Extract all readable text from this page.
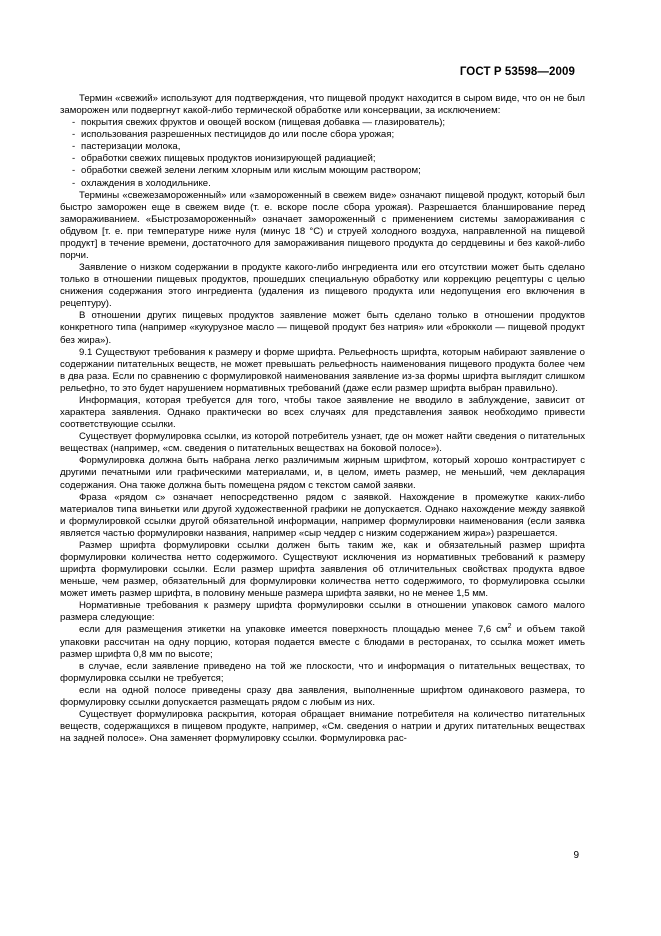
ГОСТ Р 53598—2009

Термин «свежий» используют для подтверждения, что пищевой продукт находится в сыром виде, что он не был заморожен или подвергнут какой-либо термической обработке или консервации, за исключением:

- покрытия свежих фруктов и овощей воском (пищевая добавка — глазирователь);
- использования разрешенных пестицидов до или после сбора урожая;
- пастеризации молока,
- обработки свежих пищевых продуктов ионизирующей радиацией;
- обработки свежей зелени легким хлорным или кислым моющим раствором;
- охлаждения в холодильнике.

Термины «свежезамороженный» или «замороженный в свежем виде» означают пищевой продукт, который был быстро заморожен еще в свежем виде (т. е. вскоре после сбора урожая). Разрешается бланширование перед замораживанием. «Быстрозамороженный» означает замороженный с применением системы замораживания с обдувом [т. е. при температуре ниже нуля (минус 18 °С) и струей холодного воздуха, направленной на пищевой продукт] в течение времени, достаточного для замораживания пищевого продукта до сердцевины и без какой-либо порчи.

Заявление о низком содержании в продукте какого-либо ингредиента или его отсутствии может быть сделано только в отношении пищевых продуктов, прошедших специальную обработку или коррекцию рецептуры с целью снижения содержания этого ингредиента (удаления из пищевого продукта или недопущения его включения в рецептуру).

В отношении других пищевых продуктов заявление может быть сделано только в отношении продуктов конкретного типа (например «кукурузное масло — пищевой продукт без натрия» или «брокколи — пищевой продукт без жира»).

9.1 Существуют требования к размеру и форме шрифта. Рельефность шрифта, которым набирают заявление о содержании питательных веществ, не может превышать рельефность наименования пищевого продукта более чем в два раза. Если по сравнению с формулировкой наименования заявление из-за формы шрифта выглядит слишком рельефно, то это будет нарушением нормативных требований (даже если размер шрифта выбран правильно).

Информация, которая требуется для того, чтобы такое заявление не вводило в заблуждение, зависит от характера заявления. Однако практически во всех случаях для представления заявок необходимо привести соответствующие ссылки.

Существует формулировка ссылки, из которой потребитель узнает, где он может найти сведения о питательных веществах (например, «см. сведения о питательных веществах на боковой полосе»).

Формулировка должна быть набрана легко различимым жирным шрифтом, который хорошо контрастирует с другими печатными или графическими материалами, и, в целом, иметь размер, не меньший, чем декларация содержания. Она также должна быть помещена рядом с текстом самой заявки.

Фраза «рядом с» означает непосредственно рядом с заявкой. Нахождение в промежутке каких-либо материалов типа виньетки или другой художественной графики не допускается. Однако нахождение между заявкой и формулировкой ссылки другой обязательной информации, например формулировки наименования (если заявка является частью формулировки названия, например «сыр чеддер с низким содержанием жира») разрешается.

Размер шрифта формулировки ссылки должен быть таким же, как и обязательный размер шрифта формулировки количества нетто содержимого. Существуют исключения из нормативных требований к размеру шрифта формулировки ссылки. Если размер шрифта заявления об отличительных свойствах продукта вдвое меньше, чем размер, обязательный для формулировки количества нетто содержимого, то формулировка ссылки может иметь размер шрифта, в половину меньше размера шрифта заявки, но не менее 1,5 мм.

Нормативные требования к размеру шрифта формулировки ссылки в отношении упаковок самого малого размера следующие:

если для размещения этикетки на упаковке имеется поверхность площадью менее 7,6 $см^2$ и объем такой упаковки рассчитан на одну порцию, которая подается вместе с блюдами в ресторанах, то ссылка может иметь размер шрифта 0,8 мм по высоте;

в случае, если заявление приведено на той же плоскости, что и информация о питательных веществах, то формулировка ссылки не требуется;

если на одной полосе приведены сразу два заявления, выполненные шрифтом одинакового размера, то формулировку ссылки допускается размещать рядом с любым из них.

Существует формулировка раскрытия, которая обращает внимание потребителя на количество питательных веществ, содержащихся в пищевом продукте, например, «См. сведения о натрии и других питательных веществах на задней полосе». Она заменяет формулировку ссылки. Формулировка рас-

9
